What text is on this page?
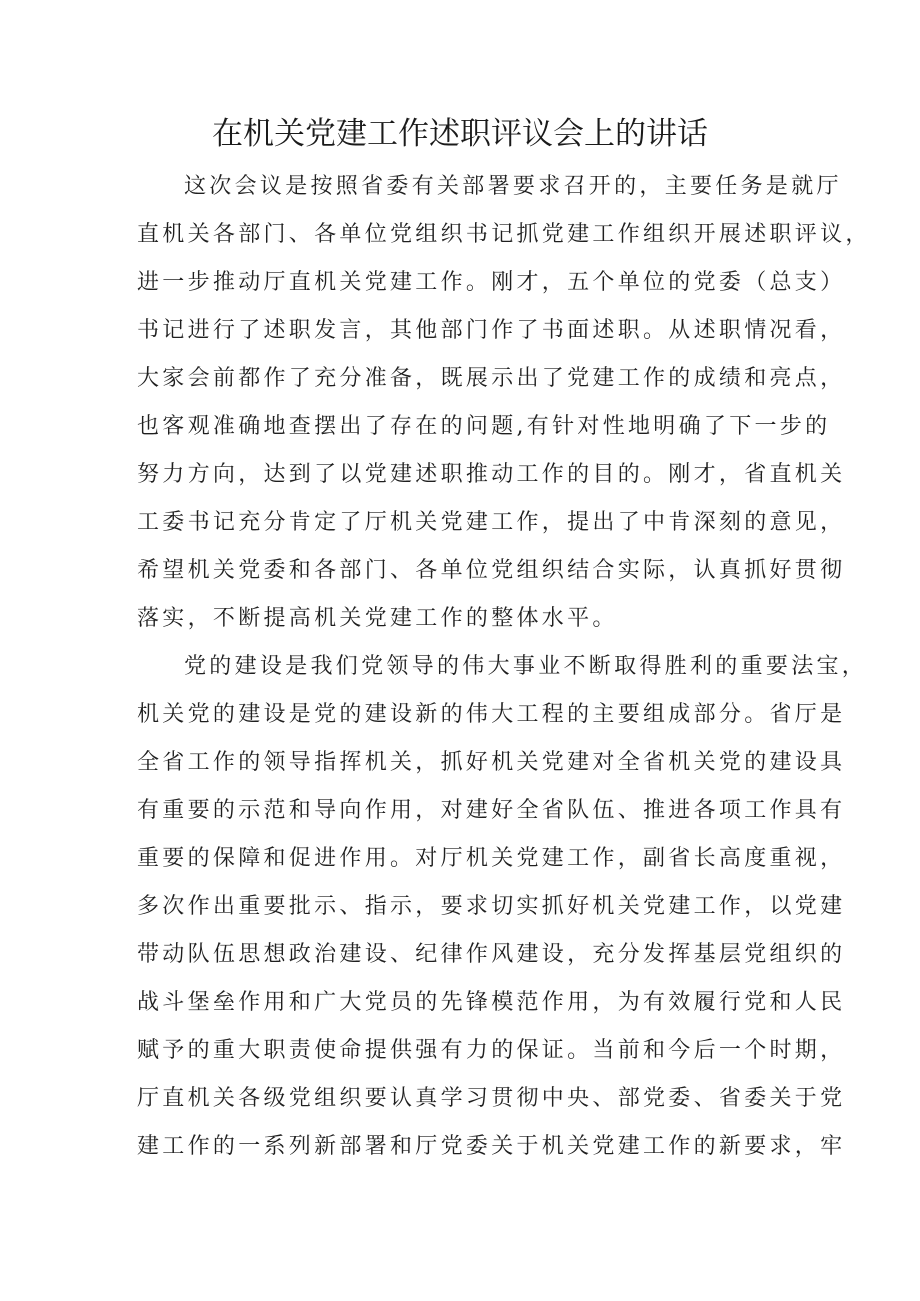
在机关党建工作述职评议会上的讲话
这次会议是按照省委有关部署要求召开的，主要任务是就厅
直机关各部门、各单位党组织书记抓党建工作组织开展述职评议，
进一步推动厅直机关党建工作。刚才，五个单位的党委（总支）
书记进行了述职发言，其他部门作了书面述职。从述职情况看，
大家会前都作了充分准备，既展示出了党建工作的成绩和亮点，
也客观准确地查摆出了存在的问题,有针对性地明确了下一步的
努力方向，达到了以党建述职推动工作的目的。刚才，省直机关
工委书记充分肯定了厅机关党建工作，提出了中肯深刻的意见，
希望机关党委和各部门、各单位党组织结合实际，认真抓好贯彻
落实，不断提高机关党建工作的整体水平。
党的建设是我们党领导的伟大事业不断取得胜利的重要法宝，
机关党的建设是党的建设新的伟大工程的主要组成部分。省厅是
全省工作的领导指挥机关，抓好机关党建对全省机关党的建设具
有重要的示范和导向作用，对建好全省队伍、推进各项工作具有
重要的保障和促进作用。对厅机关党建工作，副省长高度重视，
多次作出重要批示、指示，要求切实抓好机关党建工作，以党建
带动队伍思想政治建设、纪律作风建设，充分发挥基层党组织的
战斗堡垒作用和广大党员的先锋模范作用，为有效履行党和人民
赋予的重大职责使命提供强有力的保证。当前和今后一个时期，
厅直机关各级党组织要认真学习贯彻中央、部党委、省委关于党
建工作的一系列新部署和厅党委关于机关党建工作的新要求，牢
